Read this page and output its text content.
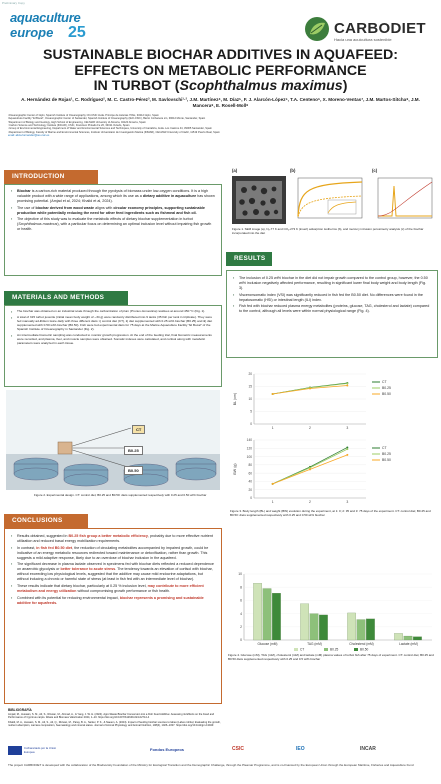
Preliminary Copy
aquaculture
europe 25	CARBODIET
Hacia una acuicultura sostenible
SUSTAINABLE BIOCHAR ADDITIVES IN AQUAFEED:
EFFECTS ON METABOLIC PERFORMANCE
IN TURBOT (Scophthalmus maximus)
A. Hernández de Rojas¹, C. Rodríguez², M. C. Castro-Pérez³, M. Savlovschi¹·², J.M. Martínez⁴, M. Díaz⁵, F. J. Alarcón-López⁵, T.A. Centeno⁶, X. Moreno-Ventas⁷, J.M. Martos-Sitcha⁸, J.M. Mancera⁸, E. Rosell-Moll⁸
¹Oceanographic Center of Gijón, Spanish Institute of Oceanography CN-CSIC Avda. Príncipe de Asturias 70bis, 33212 Gijón, Spain
²Aquaculture Facility "El Bocal", Oceanographic Center of Santander, Spanish Institute of Oceanography (IEO-CSIC), Barrio Corbanera s/n, 39012 Monte, Santander, Spain
³Department of Biology and Geology, High School of Engineering, CEI-MAR University of Almería, 04120 Almería, Spain
⁴Carbon Science and Technology Institute (INCAR), CSIC, Francisco Pintado Fe 26, 33011 Oviedo, Spain
⁵Group of Environmental Engineering, Department of Water and Environmental Sciences and Techniques, University of Cantabria, Avda. Los Castros 44, 39005 Santander, Spain
⁶Department of Biology, Faculty of Marine and Environmental Sciences, Instituto Universitario de Investigación Marina (INMAR), CEI-MAR University of Cádiz, 11519 Puerto Real, Spain
email: alicia.hernandez@ieo.csic.es
INTRODUCTION
▪ Biochar is a carbon-rich material produced through the pyrolysis of biomass under low-oxygen conditions. It is a high valuable product with a wide range of applications, among which its use as a dietary additive in aquaculture has shown promising potential. (Amjad et al, 2024; Khalid et al, 2024).
▪ The use of biochar derived from wood waste aligns with circular economy principles, supporting sustainable production while potentially reducing the need for other feed ingredients such as fishmeal and fish oil.
▪ The objective of this study was to evaluate the metabolic effects of dietary biochar supplementation in turbot (Scophthalmus maximus), with a particular focus on determining an optimal inclusion level without impairing fish growth or health.
(a)	(b)	(c)
Figure 1. SEM image (a), N₂-77 K and CO₂-273 K (insert) adsorption isotherms (b), and mercury intrusion porosimetry analysis (c) of the biochar incorporated into the diet
MATERIALS AND METHODS
▪ The biochar was obtained on an industrial scale through the carbonization of plum (Prunus domestica) residues at around 450 °C (Fig. 1).
▪ A total of 315 turbot juvenile (initial mean body weight of ~34 g) were randomly distributed into 9 tanks (35 fish per tank in triplicate). They were fed manually ad-libitum twice daily with three different diets: i) control diet (CT), ii) diet supplemented with 0.25 wt% biochar (B0.25) and iii) diet supplemented with 0.50 wt% biochar (B0.50). Fish were fed experimental diets for 75 days at the Marine Aquaculture Facility "El Bocal" of the Spanish Institute of Oceanography in Santander (Fig. 2).
▪ An intermediate biometric sampling was conducted to monitor growth progression. At the end of the feeding trial, final biometric measurements were recorded, and plasma, liver, and muscle samples were obtained. Somatic indexes were calculated, and cortisol along with metabolic parameters were analyzed in each tissue.
CT
B0.25
B0.50
Figure 2. Experimental design. CT: control diet; B0.25 and B0.50: diets supplemented respectively with 0.25 and 0.50 wt% biochar
RESULTS
▪ The inclusion of 0.25 wt% biochar in the diet did not impair growth compared to the control group, however, the 0.50 wt% inclusion negatively affected performance, resulting in significant lower final body weight and body length (Fig. 3).
▪ Visceronsomatic index (VSI) was significantly reduced in fish fed the B0.50 diet. No differences were found in the hepatosomatic (HSI) or intestinal length (ILI) index.
▪ Fish fed with biochar reduced plasma energy metabolites (proteins, glucose, TAG, cholesterol and lactate) compared to the control, although all levels were within normal physiological range (Fig. 4).
0
5
10
15
20
1	2	3
BL (cm)
CT
B0.25
B0.50
0
20
40
60
80
100
120
140
1	2	3
BW (g)
CT
B0.25
B0.50
Figure 3. Body length (BL) and weight (BW) evolution during the experiment, at 1: 0; 2: 35 and 3: 75 days of the experiment. CT: control diet; B0.25 and B0.50: diets supplemented respectively with 0.25 and 0.50 wt% biochar
0
2
4
6
8
10
Glucose (mM)	TAG (mM)	Cholesterol (mM)	Lactate (mM)
CT	B0.25	B0.50
Figure 4. Glucose (mM), TAG (mM), cholesterol (mM) and lactate (mM) plasma values of turbot fish after 75 days of experiment. CT: control diet; B0.25 and B0.50 diets supplemented respectively with 0.25 and 0.5 wt% biochar
CONCLUSIONS
▪ Results obtained, suggested in B0.25 fish group a better metabolic efficiency, probably due to more effective nutrient utilization and reduced basal energy mobilization requirements.
▪ In contrast, in fish fed B0.50 diet, the reduction of circulating metabolites accompanied by impaired growth, could be indicative of an energy metabolic resources redirected toward maintenance or detoxification, rather than growth. This suggests a mild adaptive response, likely due to an overdose of biochar inclusion in the aquafeed.
▪ The significant decrease in plasma lactate observed in specimens fed with biochar diets reflected a reduced dependence on anaerobic glycolysis or better tolerance to acute stress. The tendency towards an elevation of cortisol with biochar, without exceeding low physiological levels, suggested that the additive may cause mild endocrine adaptations, but without inducing a chronic or harmful state of stress (at least in fish fed with an intermediate level of biochar).
▪ These results indicate that dietary biochar, particularly at 0.25 % inclusion level, may contribute to more efficient metabolism and energy utilization without compromising growth performance or fish health.
▪ Combined with its potential for reducing environmental impact, biochar represents a promising and sustainable additive for aquafeeds.
BIBLIOGRAFÍA
Amjad, M., Hussain, S. M., Ali, S., Rizwan, M., Ahmad, A., & Yang, J. W. H. (2024). Agro-Waste Biochar Conversion into a Fish Feed Additive: Assessing its Effects on the Feed and Performance of Cyprinus carpio. Waste and Biomass Valorization 2024, 1–10. https://doi.org/10.1007/S12649-024-02714-4
Khalid, M. A., Hussain, S. M., Ali, S., Ali, Q., Rizwan, M., Paray, B. A., Sarker, P. K., & Naeem, A. (2024). Impact of feeding biochar sources to labeo (Labeo rohita): Evaluating the growth, nutrient absorption, carcass composition, haematology and mineral status. Journal of Animal Physiology and Animal Nutrition, 108(4), 1026–1037. https://doi.org/10.1111/jpn.13949
Cofinanciado por la Unión Europea	Fondos Europeos	CSIC	IEO	INCAR
The project CARBODIET is developed with the collaboration of the Biodiversity Foundation of the Ministry for Ecological Transition and the Demographic Challenge, through the Pleamar Programme, and is co-financed by the European Union through the European Maritime, Fisheries and Aquaculture Fund
